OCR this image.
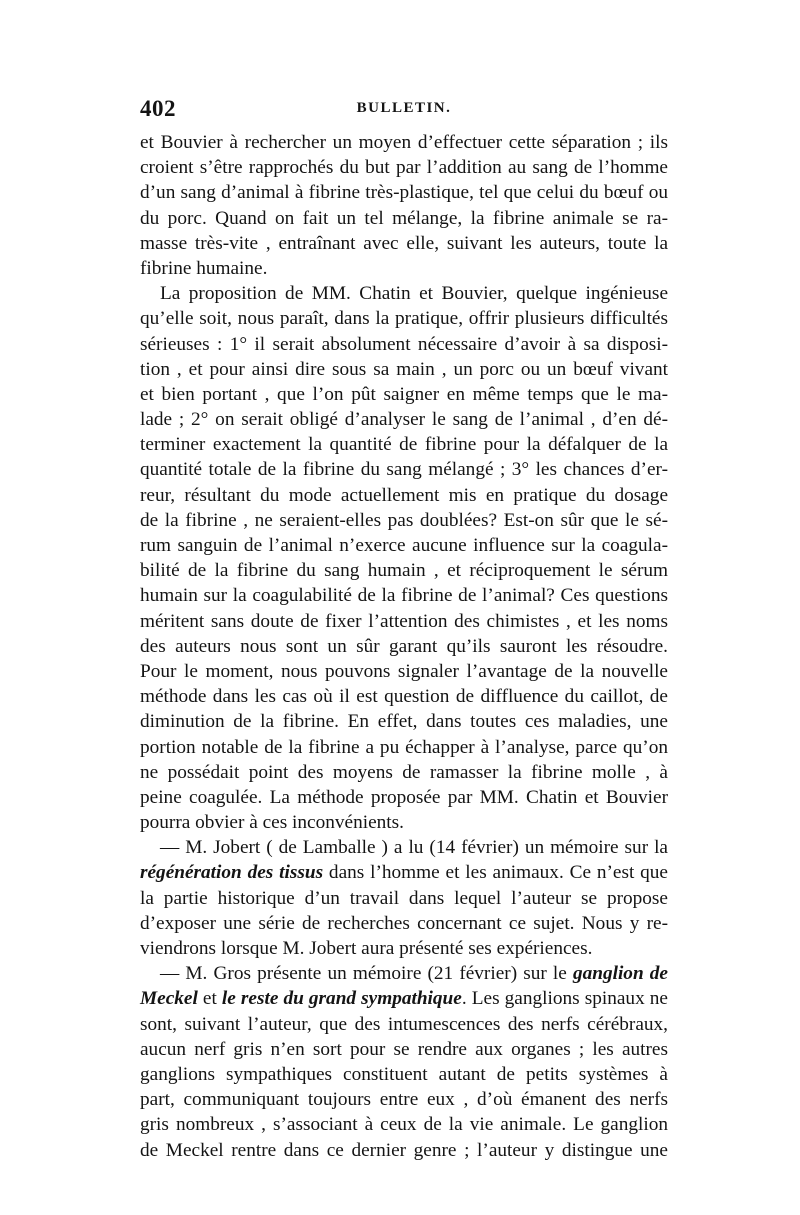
402	BULLETIN.
et Bouvier à rechercher un moyen d’effectuer cette séparation ; ils
croient s’être rapprochés du but par l’addition au sang de l’homme
d’un sang d’animal à fibrine très-plastique, tel que celui du bœuf ou
du porc. Quand on fait un tel mélange, la fibrine animale se ra-
masse très-vite , entraînant avec elle, suivant les auteurs, toute la
fibrine humaine.
La proposition de MM. Chatin et Bouvier, quelque ingénieuse
qu’elle soit, nous paraît, dans la pratique, offrir plusieurs difficultés
sérieuses : 1° il serait absolument nécessaire d’avoir à sa disposi-
tion , et pour ainsi dire sous sa main , un porc ou un bœuf vivant
et bien portant , que l’on pût saigner en même temps que le ma-
lade ; 2° on serait obligé d’analyser le sang de l’animal , d’en dé-
terminer exactement la quantité de fibrine pour la défalquer de la
quantité totale de la fibrine du sang mélangé ; 3° les chances d’er-
reur, résultant du mode actuellement mis en pratique du dosage
de la fibrine , ne seraient-elles pas doublées? Est-on sûr que le sé-
rum sanguin de l’animal n’exerce aucune influence sur la coagula-
bilité de la fibrine du sang humain , et réciproquement le sérum
humain sur la coagulabilité de la fibrine de l’animal? Ces questions
méritent sans doute de fixer l’attention des chimistes , et les noms
des auteurs nous sont un sûr garant qu’ils sauront les résoudre.
Pour le moment, nous pouvons signaler l’avantage de la nouvelle
méthode dans les cas où il est question de diffluence du caillot, de
diminution de la fibrine. En effet, dans toutes ces maladies, une
portion notable de la fibrine a pu échapper à l’analyse, parce qu’on
ne possédait point des moyens de ramasser la fibrine molle , à
peine coagulée. La méthode proposée par MM. Chatin et Bouvier
pourra obvier à ces inconvénients.
— M. Jobert ( de Lamballe ) a lu (14 février) un mémoire sur la
régénération des tissus dans l’homme et les animaux. Ce n’est que
la partie historique d’un travail dans lequel l’auteur se propose
d’exposer une série de recherches concernant ce sujet. Nous y re-
viendrons lorsque M. Jobert aura présenté ses expériences.
— M. Gros présente un mémoire (21 février) sur le ganglion de
Meckel et le reste du grand sympathique. Les ganglions spinaux ne
sont, suivant l’auteur, que des intumescences des nerfs cérébraux,
aucun nerf gris n’en sort pour se rendre aux organes ; les autres
ganglions sympathiques constituent autant de petits systèmes à
part, communiquant toujours entre eux , d’où émanent des nerfs
gris nombreux , s’associant à ceux de la vie animale. Le ganglion
de Meckel rentre dans ce dernier genre ; l’auteur y distingue une
